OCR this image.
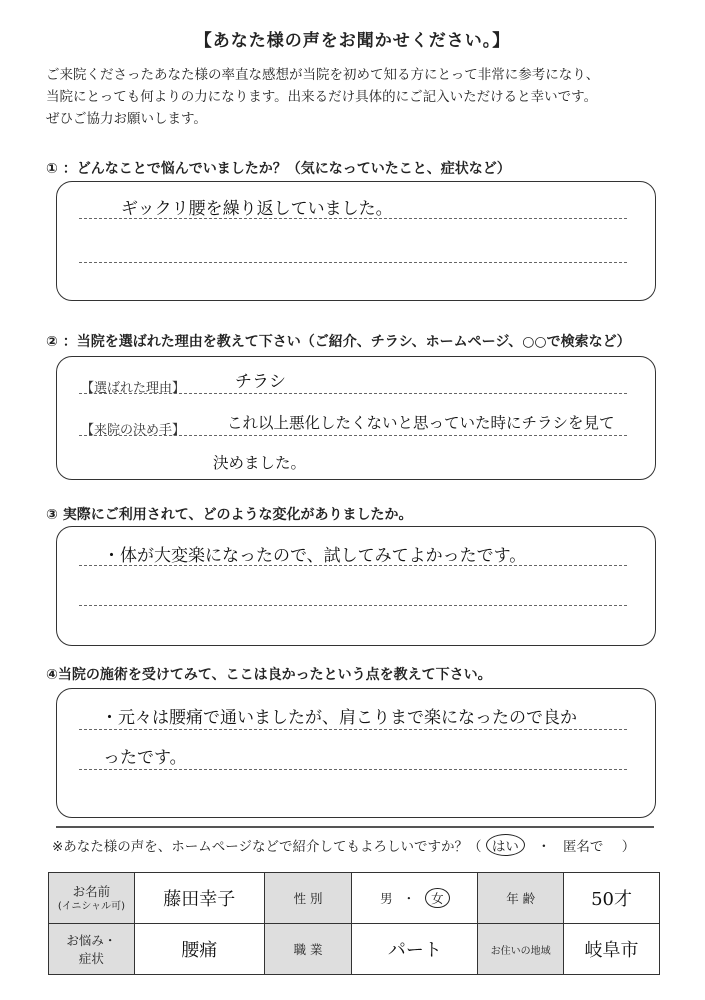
【あなた様の声をお聞かせください。】
ご来院くださったあなた様の率直な感想が当院を初めて知る方にとって非常に参考になり、
当院にとっても何よりの力になります。出来るだけ具体的にご記入いただけると幸いです。
ぜひご協力お願いします。
① ：どんなことで悩んでいましたか？（気になっていたこと、症状など）
ギックリ腰を繰り返していました。
② ：当院を選ばれた理由を教えて下さい（ご紹介、チラシ、ホームページ、○○で検索など）
【選ばれた理由】	チラシ
【来院の決め手】	これ以上悪化したくないと思っていた時にチラシを見て
決めました。
③ 実際にご利用されて、どのような変化がありましたか。
・体が大変楽になったので、試してみてよかったです。
④当院の施術を受けてみて、ここは良かったという点を教えて下さい。
・元々は腰痛で通いましたが、肩こりまで楽になったので良か
ったです。
※あなた様の声を、ホームページなどで紹介してもよろしいですか？（ はい ・ 匿名で ）
お名前
(イニシャル可)	藤田幸子	性 別	男 ・ 女	年 齢	50才

お悩み・
症状	腰痛	職 業	パート	お住いの地域	岐阜市
